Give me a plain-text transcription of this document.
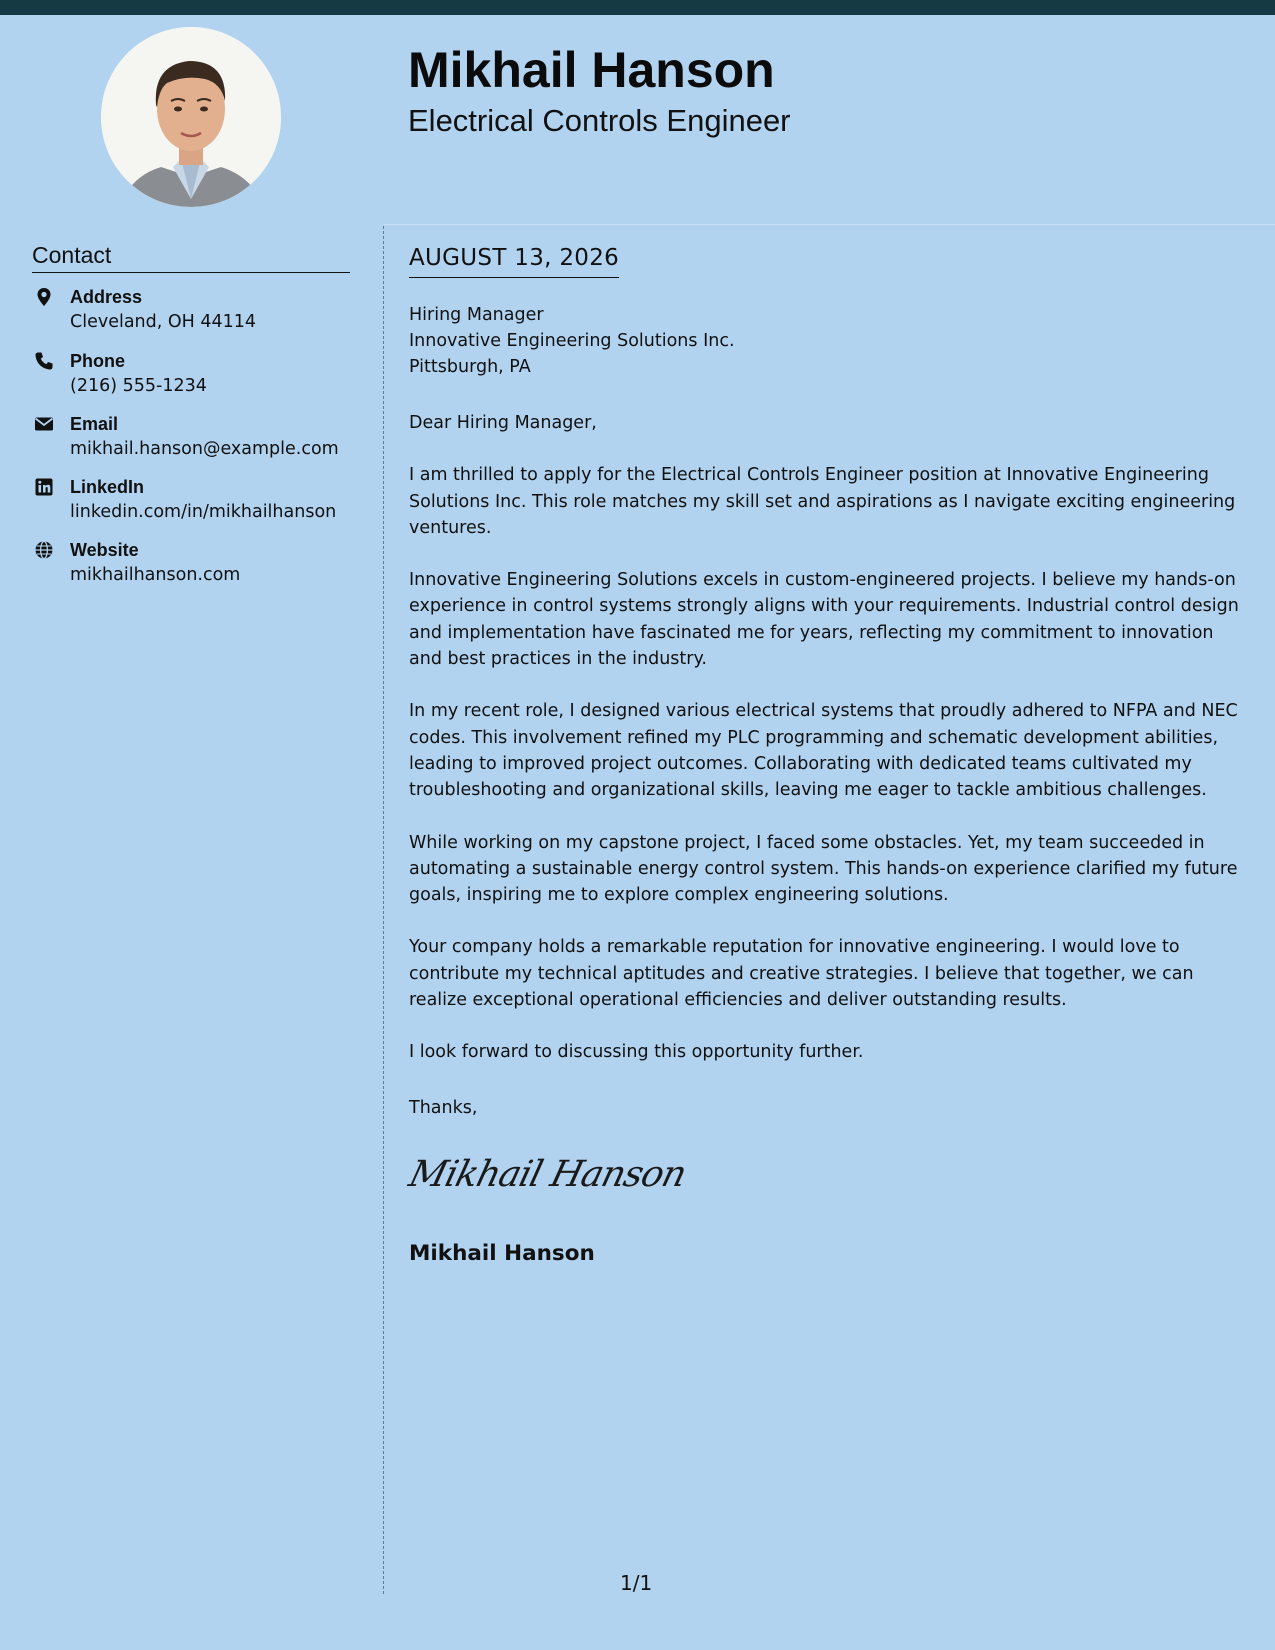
Mikhail Hanson
Electrical Controls Engineer
Contact
Address
Cleveland, OH 44114
Phone
(216) 555-1234
Email
mikhail.hanson@example.com
LinkedIn
linkedin.com/in/mikhailhanson
Website
mikhailhanson.com
AUGUST 13, 2026
Hiring Manager
Innovative Engineering Solutions Inc.
Pittsburgh, PA

Dear Hiring Manager,

I am thrilled to apply for the Electrical Controls Engineer position at Innovative Engineering Solutions Inc. This role matches my skill set and aspirations as I navigate exciting engineering ventures.

Innovative Engineering Solutions excels in custom-engineered projects. I believe my hands-on experience in control systems strongly aligns with your requirements. Industrial control design and implementation have fascinated me for years, reflecting my commitment to innovation and best practices in the industry.

In my recent role, I designed various electrical systems that proudly adhered to NFPA and NEC codes. This involvement refined my PLC programming and schematic development abilities, leading to improved project outcomes. Collaborating with dedicated teams cultivated my troubleshooting and organizational skills, leaving me eager to tackle ambitious challenges.

While working on my capstone project, I faced some obstacles. Yet, my team succeeded in automating a sustainable energy control system. This hands-on experience clarified my future goals, inspiring me to explore complex engineering solutions.

Your company holds a remarkable reputation for innovative engineering. I would love to contribute my technical aptitudes and creative strategies. I believe that together, we can realize exceptional operational efficiencies and deliver outstanding results.

I look forward to discussing this opportunity further.

Thanks,
Mikhail Hanson
Mikhail Hanson
1/1
